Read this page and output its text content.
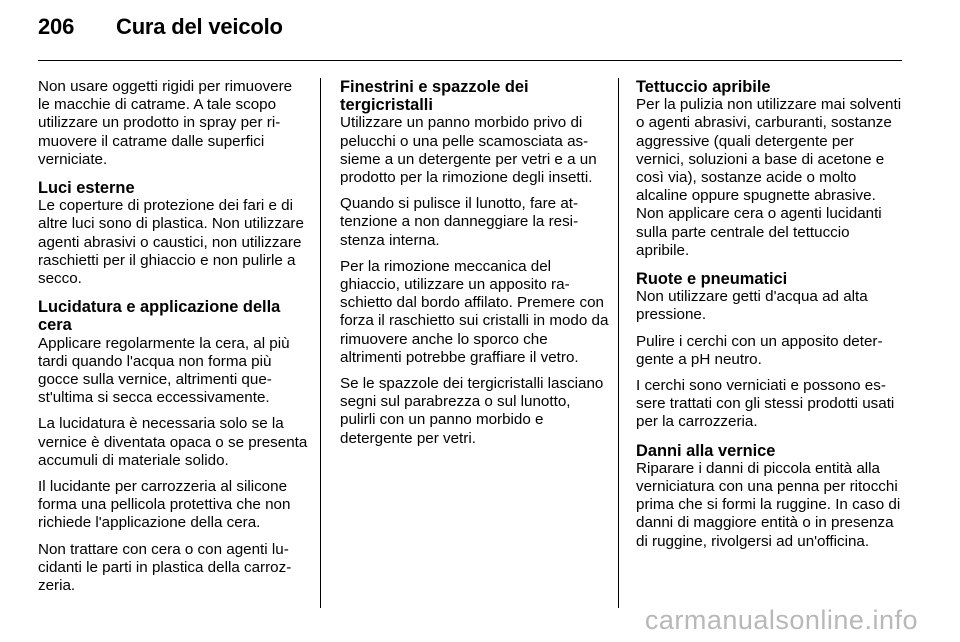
206 Cura del veicolo

Non usare oggetti rigidi per rimuovere le macchie di catrame. A tale scopo utilizzare un prodotto in spray per rimuovere il catrame dalle superfici verniciate.

Luci esterne

Le coperture di protezione dei fari e di altre luci sono di plastica. Non utilizzare agenti abrasivi o caustici, non utilizzare raschietti per il ghiaccio e non pulirle a secco.

Lucidatura e applicazione della cera

Applicare regolarmente la cera, al più tardi quando l'acqua non forma più gocce sulla vernice, altrimenti quest'ultima si secca eccessivamente.

La lucidatura è necessaria solo se la vernice è diventata opaca o se presenta accumuli di materiale solido.

Il lucidante per carrozzeria al silicone forma una pellicola protettiva che non richiede l'applicazione della cera.

Non trattare con cera o con agenti lucidanti le parti in plastica della carrozzeria.

Finestrini e spazzole dei tergicristalli

Utilizzare un panno morbido privo di pelucchi o una pelle scamosciata assieme a un detergente per vetri e a un prodotto per la rimozione degli insetti.

Quando si pulisce il lunotto, fare attenzione a non danneggiare la resistenza interna.

Per la rimozione meccanica del ghiaccio, utilizzare un apposito raschietto dal bordo affilato. Premere con forza il raschietto sui cristalli in modo da rimuovere anche lo sporco che altrimenti potrebbe graffiare il vetro.

Se le spazzole dei tergicristalli lasciano segni sul parabrezza o sul lunotto, pulirli con un panno morbido e detergente per vetri.

Tettuccio apribile

Per la pulizia non utilizzare mai solventi o agenti abrasivi, carburanti, sostanze aggressive (quali detergente per vernici, soluzioni a base di acetone e così via), sostanze acide o molto alcaline oppure spugnette abrasive. Non applicare cera o agenti lucidanti sulla parte centrale del tettuccio apribile.

Ruote e pneumatici

Non utilizzare getti d'acqua ad alta pressione.

Pulire i cerchi con un apposito detergente a pH neutro.

I cerchi sono verniciati e possono essere trattati con gli stessi prodotti usati per la carrozzeria.

Danni alla vernice

Riparare i danni di piccola entità alla verniciatura con una penna per ritocchi prima che si formi la ruggine. In caso di danni di maggiore entità o in presenza di ruggine, rivolgersi ad un'officina.

carmanualsonline.info
